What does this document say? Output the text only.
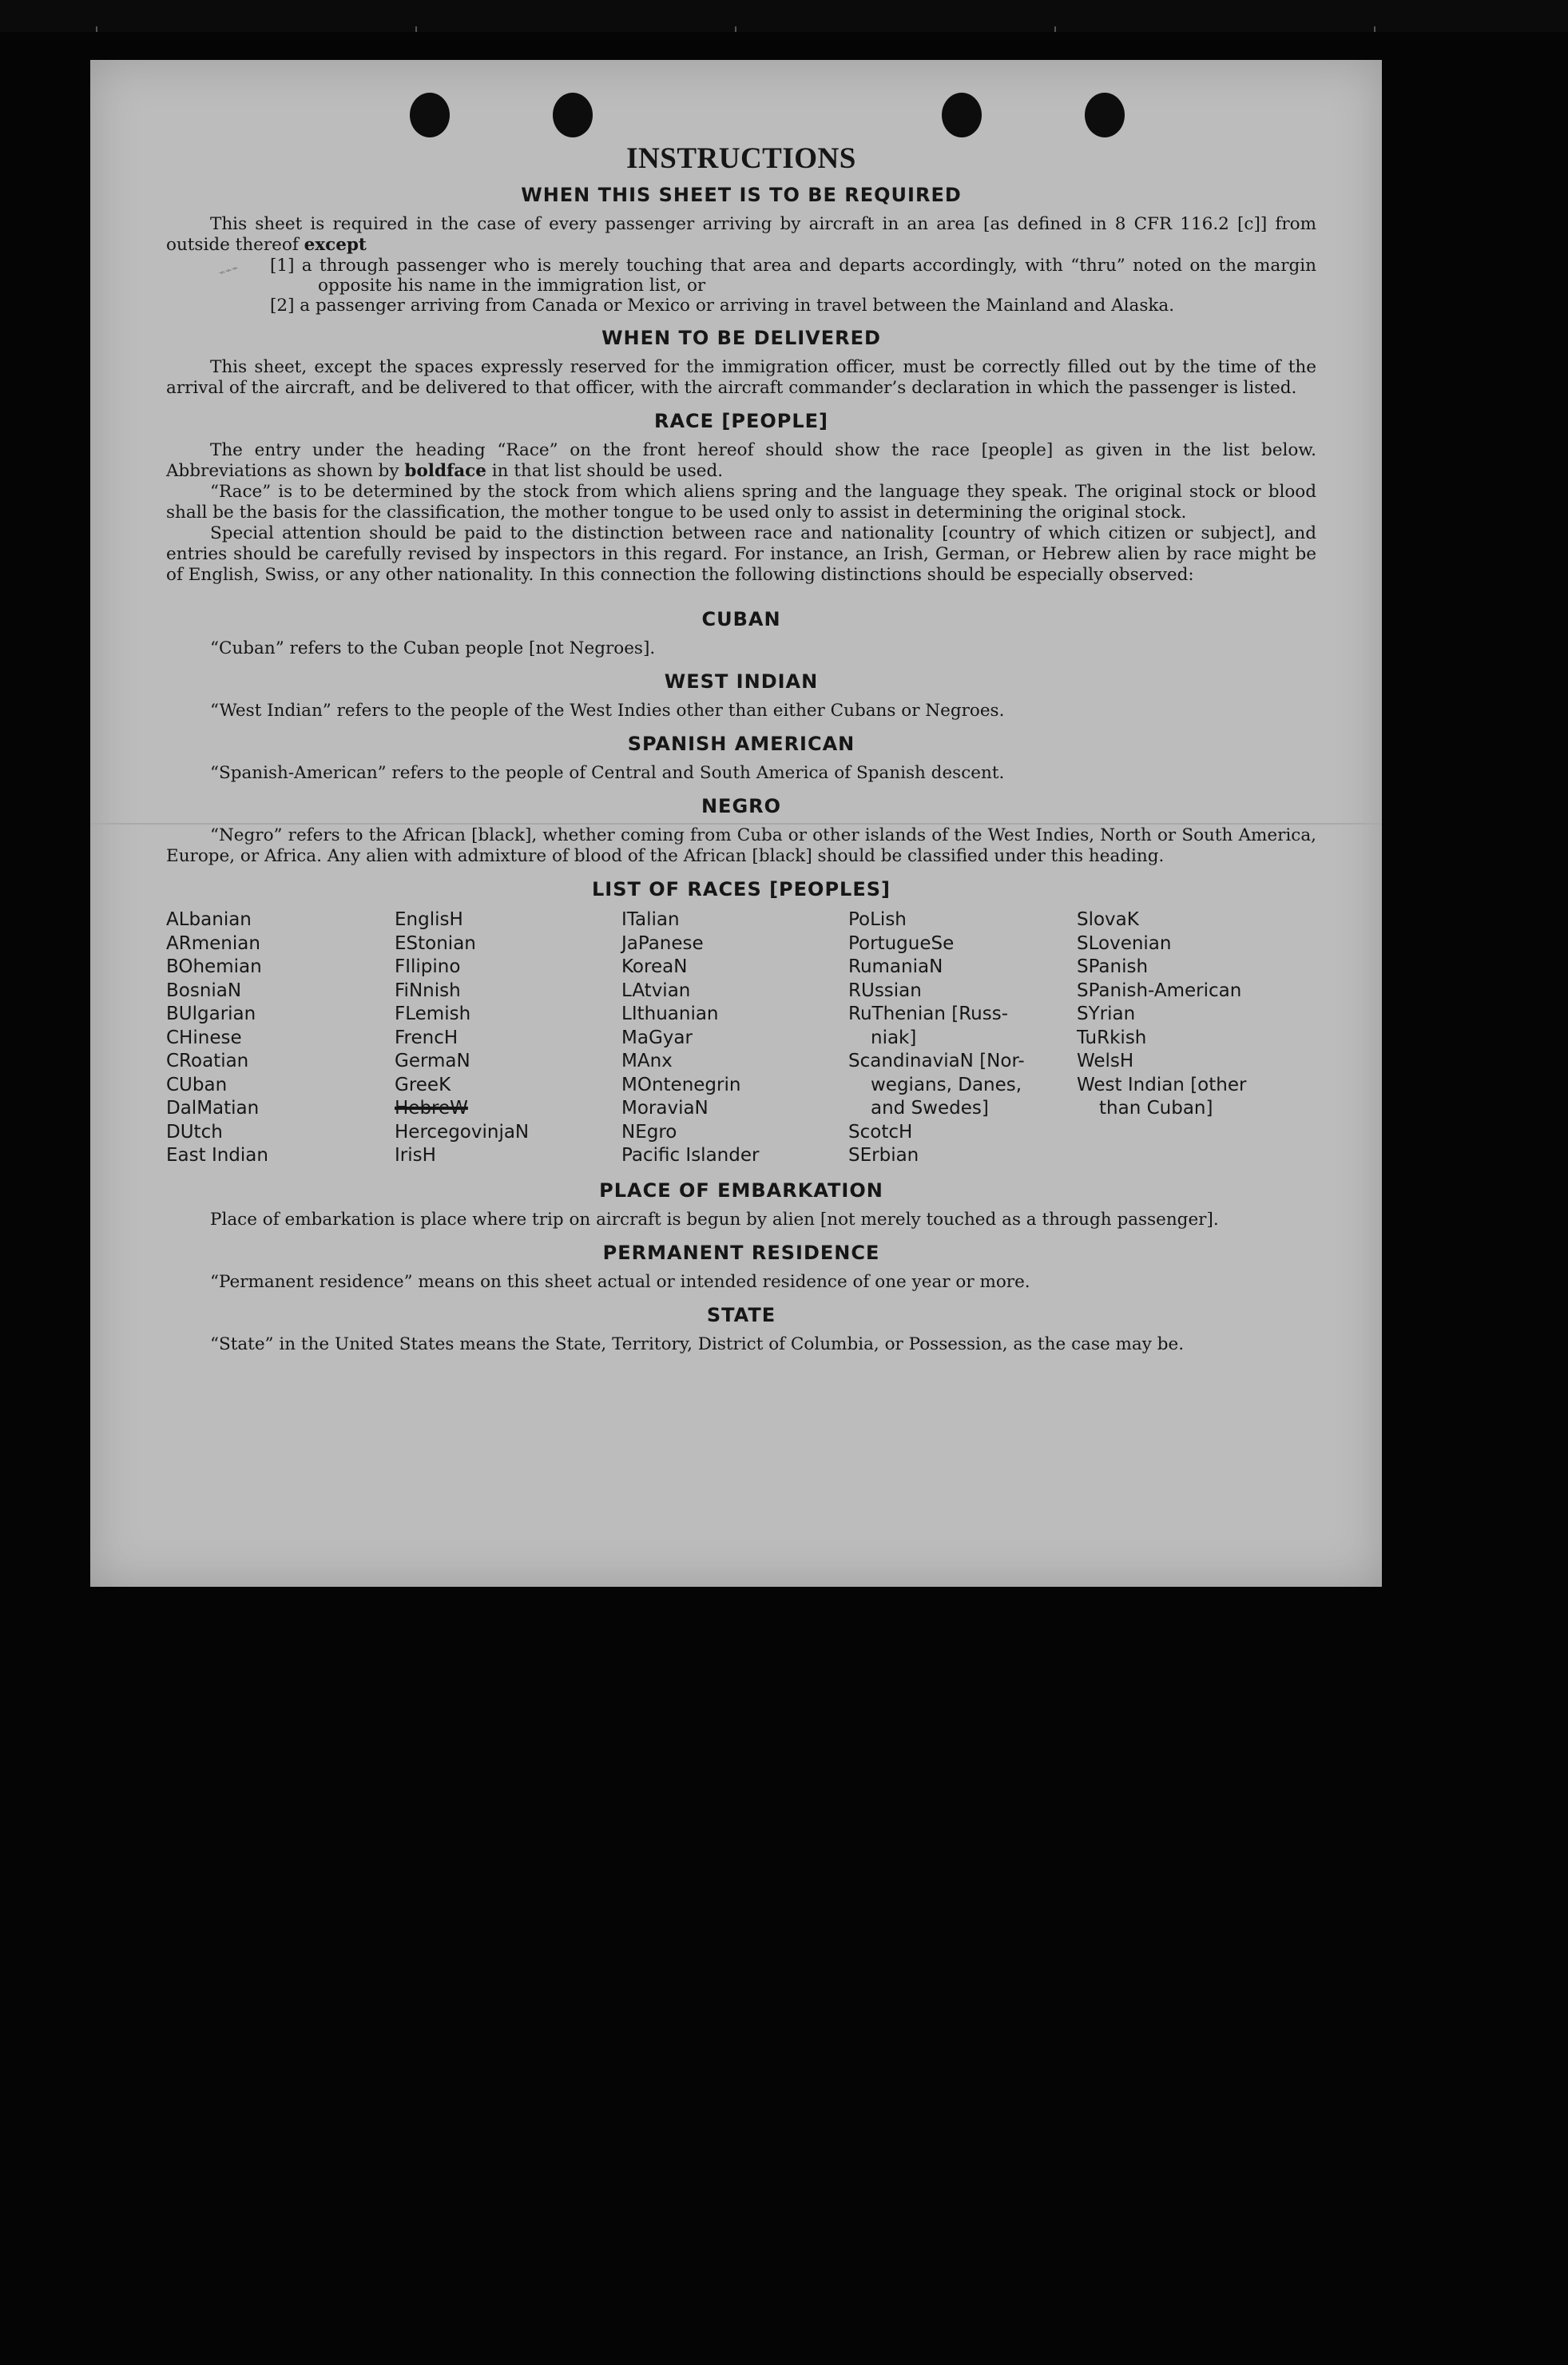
⌁⌁⌁
INSTRUCTIONS
WHEN THIS SHEET IS TO BE REQUIRED

This sheet is required in the case of every passenger arriving by aircraft in an area [as defined in 8 CFR 116.2 [c]] from outside thereof except

[1] a through passenger who is merely touching that area and departs accordingly, with “thru” noted on the margin opposite his name in the immigration list, or

[2] a passenger arriving from Canada or Mexico or arriving in travel between the Mainland and Alaska.

WHEN TO BE DELIVERED

This sheet, except the spaces expressly reserved for the immigration officer, must be correctly filled out by the time of the arrival of the aircraft, and be delivered to that officer, with the aircraft commander’s declaration in which the passenger is listed.

RACE [PEOPLE]

The entry under the heading “Race” on the front hereof should show the race [people] as given in the list below. Abbreviations as shown by boldface in that list should be used.

“Race” is to be determined by the stock from which aliens spring and the language they speak. The original stock or blood shall be the basis for the classification, the mother tongue to be used only to assist in determining the original stock.

Special attention should be paid to the distinction between race and nationality [country of which citizen or subject], and entries should be carefully revised by inspectors in this regard. For instance, an Irish, German, or Hebrew alien by race might be of English, Swiss, or any other nationality. In this connection the following distinctions should be especially observed:

CUBAN

“Cuban” refers to the Cuban people [not Negroes].

WEST INDIAN

“West Indian” refers to the people of the West Indies other than either Cubans or Negroes.

SPANISH AMERICAN

“Spanish-American” refers to the people of Central and South America of Spanish descent.

NEGRO

“Negro” refers to the African [black], whether coming from Cuba or other islands of the West Indies, North or South America, Europe, or Africa. Any alien with admixture of blood of the African [black] should be classified under this heading.

LIST OF RACES [PEOPLES]
ALbanian
ARmenian
BOhemian
BosniaN
BUlgarian
CHinese
CRoatian
CUban
DalMatian
DUtch
East Indian
EnglisH
EStonian
FIlipino
FiNnish
FLemish
FrencH
GermaN
GreeK
HebreW
HercegovinjaN
IrisH
ITalian
JaPanese
KoreaN
LAtvian
LIthuanian
MaGyar
MAnx
MOntenegrin
MoraviaN
NEgro
Pacific Islander
PoLish
PortugueSe
RumaniaN
RUssian
RuThenian [Russ-
niak]
ScandinaviaN [Nor-
wegians, Danes,
and Swedes]
ScotcH
SErbian
SlovaK
SLovenian
SPanish
SPanish-American
SYrian
TuRkish
WelsH
West Indian [other
than Cuban]
PLACE OF EMBARKATION

Place of embarkation is place where trip on aircraft is begun by alien [not merely touched as a through passenger].

PERMANENT RESIDENCE

“Permanent residence” means on this sheet actual or intended residence of one year or more.

STATE

“State” in the United States means the State, Territory, District of Columbia, or Possession, as the case may be.
